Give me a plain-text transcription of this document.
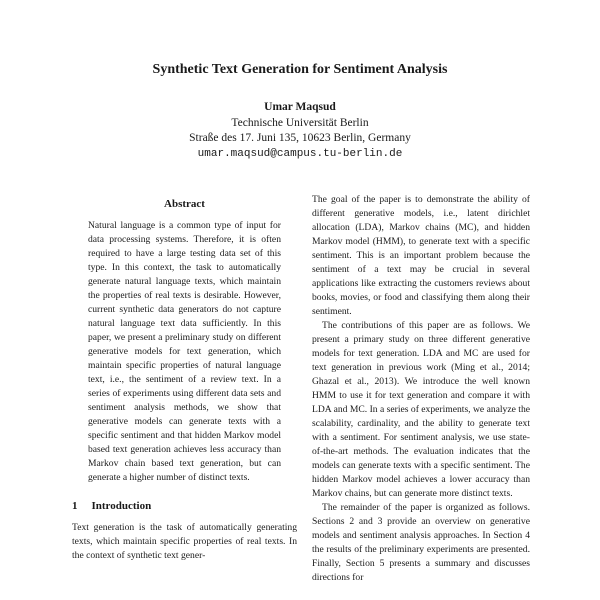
Synthetic Text Generation for Sentiment Analysis
Umar Maqsud
Technische Universität Berlin
Straße des 17. Juni 135, 10623 Berlin, Germany
umar.maqsud@campus.tu-berlin.de
Abstract

Natural language is a common type of input for data processing systems. Therefore, it is often required to have a large testing data set of this type. In this context, the task to automatically generate natural language texts, which maintain the properties of real texts is desirable. However, current synthetic data generators do not capture natural language text data sufficiently. In this paper, we present a preliminary study on different generative models for text generation, which maintain specific properties of natural language text, i.e., the sentiment of a review text. In a series of experiments using different data sets and sentiment analysis methods, we show that generative models can generate texts with a specific sentiment and that hidden Markov model based text generation achieves less accuracy than Markov chain based text generation, but can generate a higher number of distinct texts.

1 Introduction

Text generation is the task of automatically generating texts, which maintain specific properties of real texts. In the context of synthetic text gener-

The goal of the paper is to demonstrate the ability of different generative models, i.e., latent dirichlet allocation (LDA), Markov chains (MC), and hidden Markov model (HMM), to generate text with a specific sentiment. This is an important problem because the sentiment of a text may be crucial in several applications like extracting the customers reviews about books, movies, or food and classifying them along their sentiment.

The contributions of this paper are as follows. We present a primary study on three different generative models for text generation. LDA and MC are used for text generation in previous work (Ming et al., 2014; Ghazal et al., 2013). We introduce the well known HMM to use it for text generation and compare it with LDA and MC. In a series of experiments, we analyze the scalability, cardinality, and the ability to generate text with a sentiment. For sentiment analysis, we use state-of-the-art methods. The evaluation indicates that the models can generate texts with a specific sentiment. The hidden Markov model achieves a lower accuracy than Markov chains, but can generate more distinct texts.

The remainder of the paper is organized as follows. Sections 2 and 3 provide an overview on generative models and sentiment analysis approaches. In Section 4 the results of the preliminary experiments are presented. Finally, Section 5 presents a summary and discusses directions for
